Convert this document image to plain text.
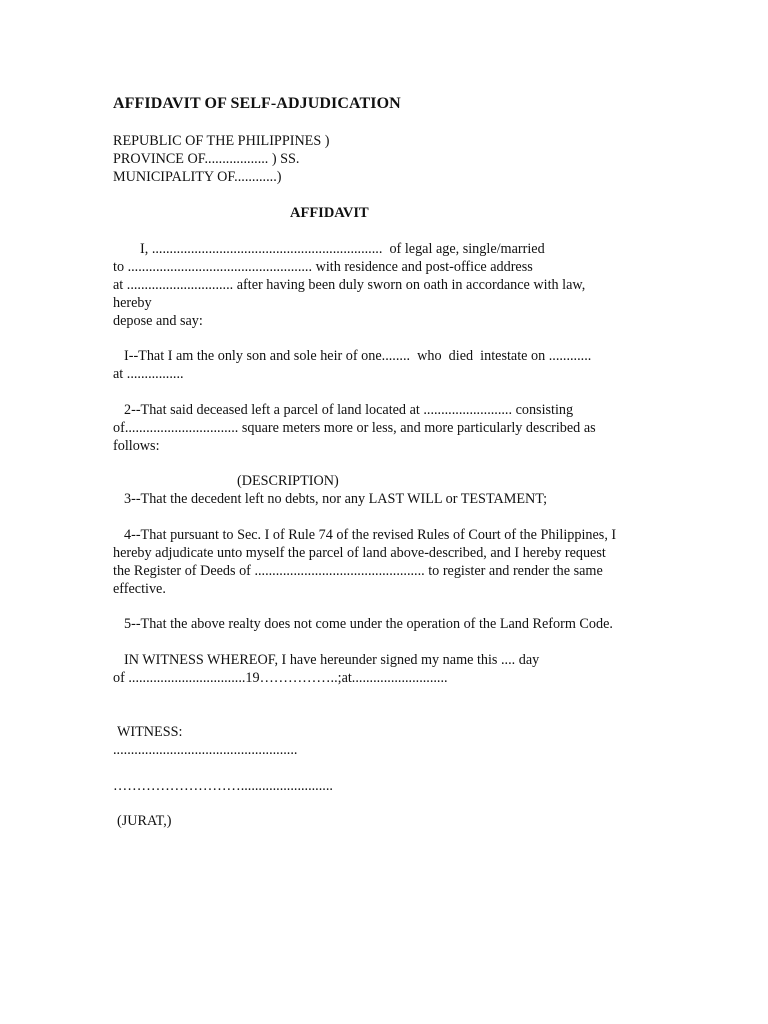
AFFIDAVIT OF SELF-ADJUDICATION
REPUBLIC OF THE PHILIPPINES )
PROVINCE OF.................. ) SS.
MUNICIPALITY OF............)
AFFIDAVIT
I, .................................................................  of legal age, single/married
to .................................................... with residence and post-office address
at .............................. after having been duly sworn on oath in accordance with law,
hereby
depose and say:
I--That I am the only son and sole heir of one........  who  died  intestate on ............
at ................
2--That said deceased left a parcel of land located at ......................... consisting
of................................ square meters more or less, and more particularly described as
follows:
(DESCRIPTION)
3--That the decedent left no debts, nor any LAST WILL or TESTAMENT;
4--That pursuant to Sec. I of Rule 74 of the revised Rules of Court of the Philippines, I
hereby adjudicate unto myself the parcel of land above-described, and I hereby request
the Register of Deeds of ................................................ to register and render the same
effective.
5--That the above realty does not come under the operation of the Land Reform Code.
IN WITNESS WHEREOF, I have hereunder signed my name this .... day
of .................................19……………..;at...........................
WITNESS:
....................................................
………………………..........................
(JURAT,)
